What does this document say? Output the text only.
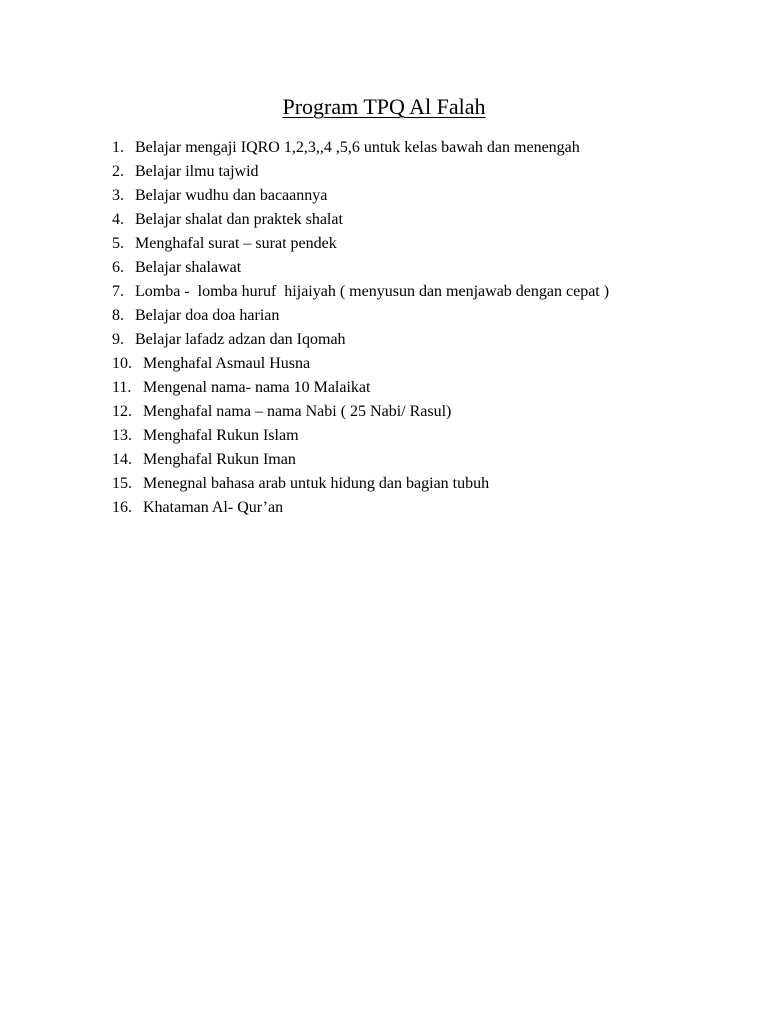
Program TPQ Al Falah
1. Belajar mengaji IQRO 1,2,3,,4 ,5,6 untuk kelas bawah dan menengah
2. Belajar ilmu tajwid
3. Belajar wudhu dan bacaannya
4. Belajar shalat dan praktek shalat
5. Menghafal surat – surat pendek
6. Belajar shalawat
7. Lomba -  lomba huruf  hijaiyah ( menyusun dan menjawab dengan cepat )
8. Belajar doa doa harian
9. Belajar lafadz adzan dan Iqomah
10. Menghafal Asmaul Husna
11. Mengenal nama- nama 10 Malaikat
12. Menghafal nama – nama Nabi ( 25 Nabi/ Rasul)
13. Menghafal Rukun Islam
14. Menghafal Rukun Iman
15. Menegnal bahasa arab untuk hidung dan bagian tubuh
16. Khataman Al- Qur’an
